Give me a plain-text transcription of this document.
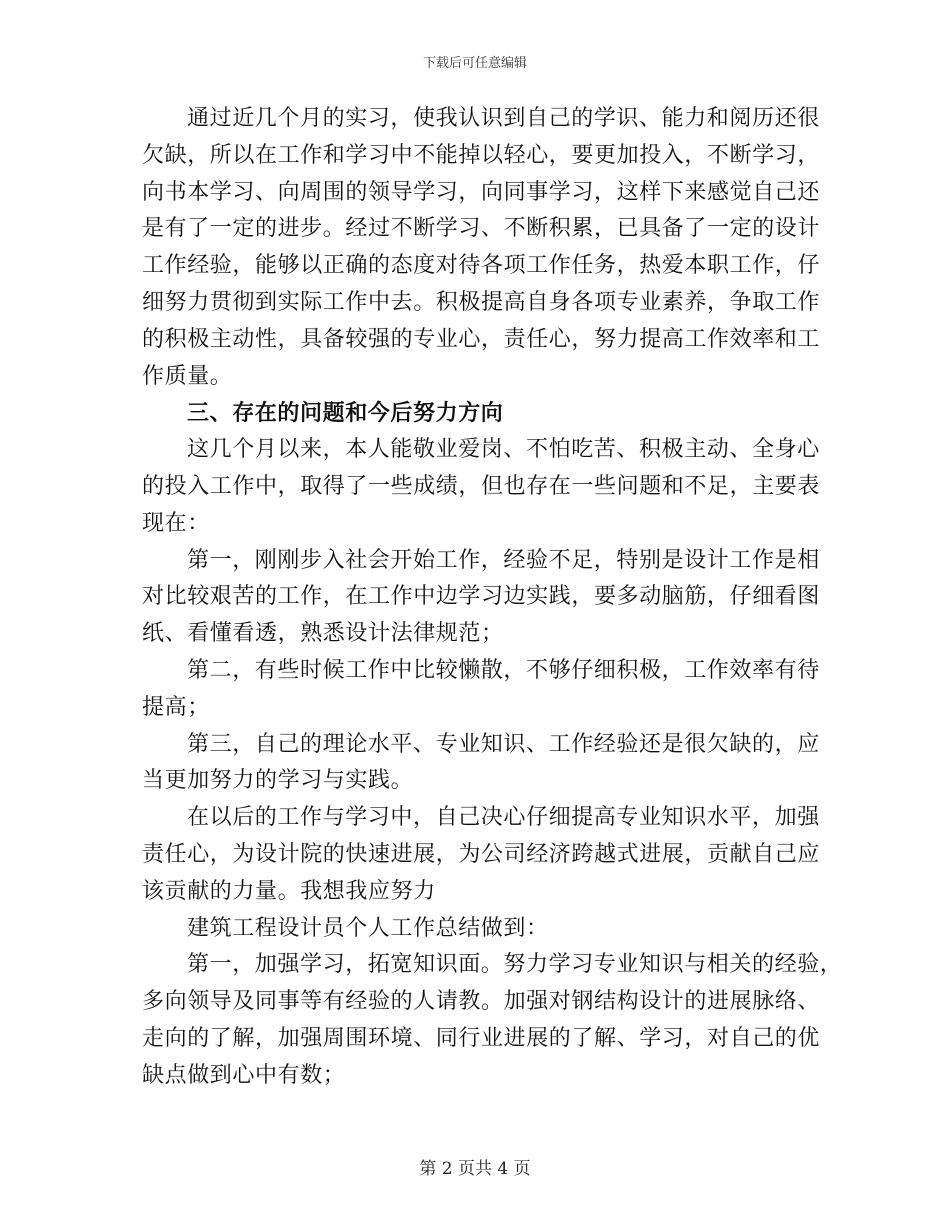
下载后可任意编辑
通过近几个月的实习，使我认识到自己的学识、能力和阅历还很
欠缺，所以在工作和学习中不能掉以轻心，要更加投入，不断学习，
向书本学习、向周围的领导学习，向同事学习，这样下来感觉自己还
是有了一定的进步。经过不断学习、不断积累，已具备了一定的设计
工作经验，能够以正确的态度对待各项工作任务，热爱本职工作，仔
细努力贯彻到实际工作中去。积极提高自身各项专业素养，争取工作
的积极主动性，具备较强的专业心，责任心，努力提高工作效率和工
作质量。
三、存在的问题和今后努力方向
这几个月以来，本人能敬业爱岗、不怕吃苦、积极主动、全身心
的投入工作中，取得了一些成绩，但也存在一些问题和不足，主要表
现在：
第一，刚刚步入社会开始工作，经验不足，特别是设计工作是相
对比较艰苦的工作，在工作中边学习边实践，要多动脑筋，仔细看图
纸、看懂看透，熟悉设计法律规范；
第二，有些时候工作中比较懒散，不够仔细积极，工作效率有待
提高；
第三，自己的理论水平、专业知识、工作经验还是很欠缺的，应
当更加努力的学习与实践。
在以后的工作与学习中，自己决心仔细提高专业知识水平，加强
责任心，为设计院的快速进展，为公司经济跨越式进展，贡献自己应
该贡献的力量。我想我应努力
建筑工程设计员个人工作总结做到：
第一，加强学习，拓宽知识面。努力学习专业知识与相关的经验，
多向领导及同事等有经验的人请教。加强对钢结构设计的进展脉络、
走向的了解，加强周围环境、同行业进展的了解、学习，对自己的优
缺点做到心中有数；
第 2 页共 4 页
